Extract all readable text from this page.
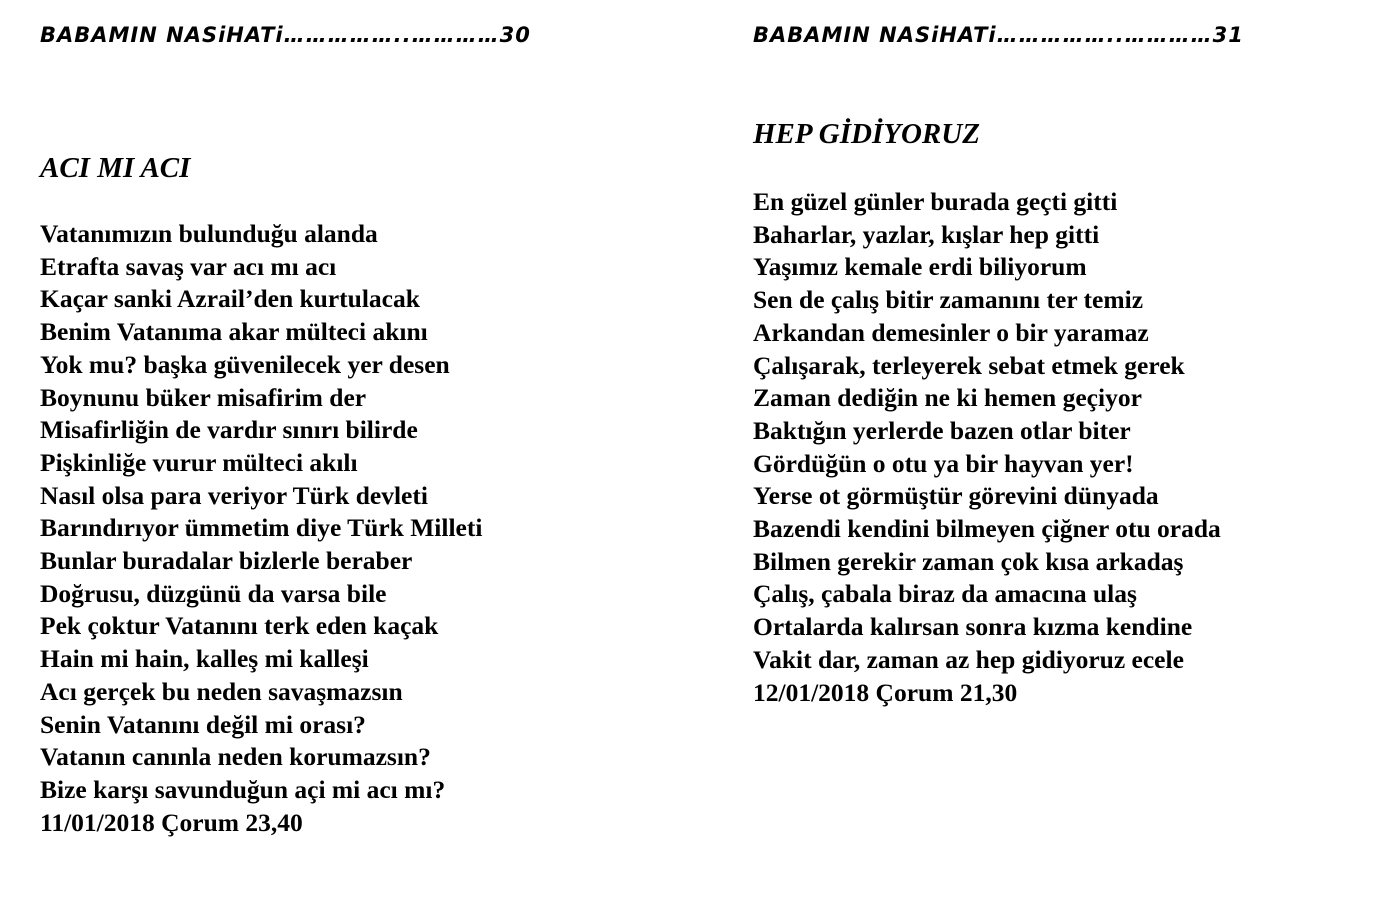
BABAMIN NASiHATi……………..…………30
ACI MI ACI
Vatanımızın bulunduğu alanda
Etrafta savaş var acı mı acı
Kaçar sanki Azrail’den kurtulacak
Benim Vatanıma akar mülteci akını
Yok mu? başka güvenilecek yer desen
Boynunu büker misafirim der
Misafirliğin de vardır sınırı bilirde
Pişkinliğe vurur mülteci akılı
Nasıl olsa para veriyor Türk devleti
Barındırıyor ümmetim diye Türk Milleti
Bunlar buradalar bizlerle beraber
Doğrusu, düzgünü da varsa bile
Pek çoktur Vatanını terk eden kaçak
Hain mi hain, kalleş mi kalleşi
Acı gerçek bu neden savaşmazsın
Senin Vatanını değil mi orası?
Vatanın canınla neden korumazsın?
Bize karşı savunduğun açi mi acı mı?
11/01/2018 Çorum 23,40
BABAMIN NASiHATi……………..…………31
HEP GİDİYORUZ
En güzel günler burada geçti gitti
Baharlar, yazlar, kışlar hep gitti
Yaşımız kemale erdi biliyorum
Sen de çalış bitir zamanını ter temiz
Arkandan demesinler o bir yaramaz
Çalışarak, terleyerek sebat etmek gerek
Zaman dediğin ne ki hemen geçiyor
Baktığın yerlerde bazen otlar biter
Gördüğün o otu ya bir hayvan yer!
Yerse ot görmüştür görevini dünyada
Bazendi kendini bilmeyen çiğner otu orada
Bilmen gerekir zaman çok kısa arkadaş
Çalış, çabala biraz da amacına ulaş
Ortalarda kalırsan sonra kızma kendine
Vakit dar, zaman az hep gidiyoruz ecele
12/01/2018 Çorum 21,30
